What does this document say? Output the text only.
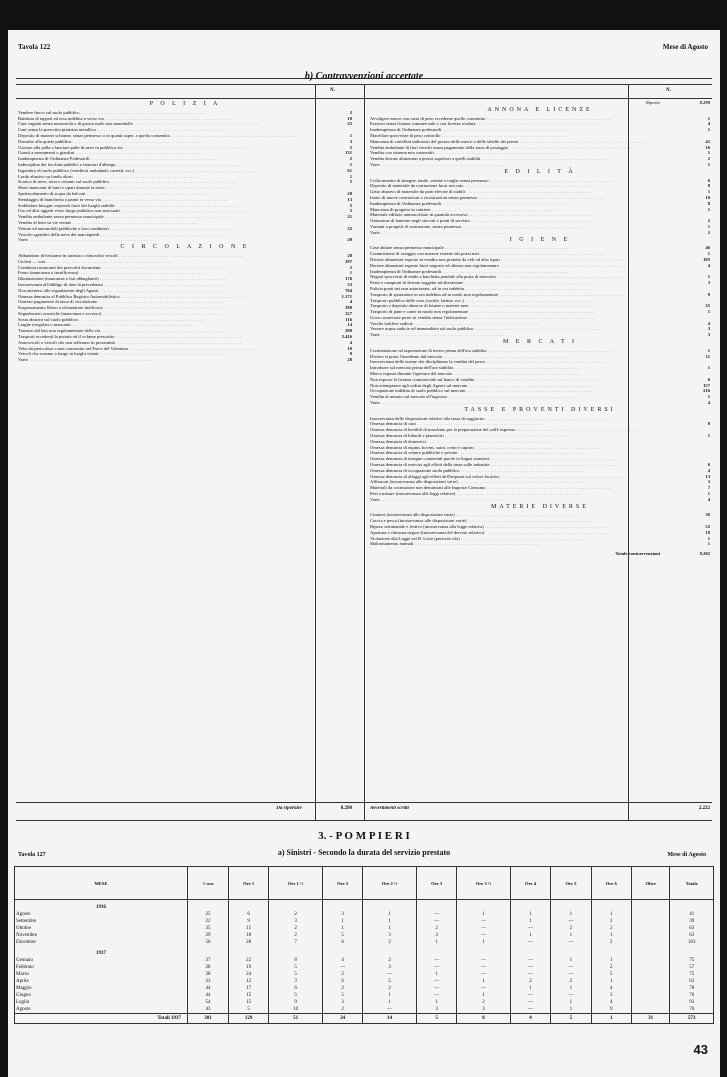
Tavola 122	Mese di Agosto
b) Contravvenzioni accertate
N.	N.
P O L I Z I A
Vendere fuoco sul suolo pubblico . . .	2
Battitura di tappeti ed orsa indebita a verso via . . .	10
Cani vaganti senza museruola o di grossa mole non manobelle . . .	25
Cani senza la prescritta piastrina metallica . . .
Deposito di materie schiume, senza permesso o in quanti super. a quella consentita . . .	1
Disturbo alla quiete pubblica . . .	3
Giocare alla palla o lanciare palle di neve in pubblica via . . .	5
Guasti a monumenti o giardini . . .	131
Inadempienza di Ordinanze Podestarili . . .	2
Indisciplina dei facchini pubblici e fattorini d'albergo . . .	1
Ingombro di suolo pubblico (venditori ambulanti, carretti, ecc.) . . .	61
Lordo abusivo su fondo altrui . . .	1
Scarico di neve, terra e rottami sul suolo pubblico . . .	5
Sbavi mancanti di lumi e ripari durante la notte . . .
Spettacolamento di acqua da balconi . . .	20
Stendaggio di biancheria o panni in verso via . . .	13
Soddisfare bisogni corporali fuori dei luoghi stabiliti . . .	5
Uso ed altri oggetti verso luogo pubblico non assicurati . . .	5
Vendita ambulante senza permesso municipale . . .	21
Vendita di beni su vie vietate . . .
Vetture ed automobili pubbliche e loro conduttori . . .	32
Vincolo sgombro della neve dei marciapiedi . . .
Varie . . .	20
C I R C O L A Z I O N E
Abbandono di bestiame in transito o rimorchio veicoli . . .	28
Ciclisti — vari . . .	297
Conduttori mancanti dei prescritti documenti . . .	5
Freno (mancanza o insufficenza) . . .	1
Illuminazione (mancanza o fari abbaglianti) . . .	176
Inosservanza all'obbligo di dare la precedenza . . .	53
Non attenersi alle segnalazioni degli Agenti . . .	764
Omessa denuncia al Pubblico Registro Automobilistico . . .	1.171
Omesso pagamento di tassa di circolazione . . .	4
Sorpassamento libero o silenziatore inefficace . . .	388
Segnalazioni acustiche (mancanza o eccesso) . . .	327
Sosta abusiva sul suolo pubblico . . .	116
Larghe irregolari o mancanti . . .	14
Transito dal lato non regolamentare della via . . .	209
Trasporti eccedenti la portata od il volume prescritto . . .	3.416
Autoveicoli o veicoli che non tollerano in prossimità . . .	4
Velocità pericolosa o non consentita nel Parco del Valentino . . .	10
Veicoli che sostano a lungo in luoghi vietati . . .	9
Varie . . .	28
Riporto	8.290
ANNONA E LICENZE
Avvolgere merce con carta di peso eccedente quello consentito . . .	1
Esercizi senza licenza commerciale o con licenza scaduta . . .	4
Inadempienza di Ordinanze podestarili . . .	1
Macellare sprovviste di peso controllo . . .
Mancanza di cartellini indicatori del prezzo delle merce o delle tabelle dei prezzi . . .	42
Vendita ambulante di fiori freschi senza pagamento della tassa di posteggio . . .	16
Vendita con sistema non consentiti . . .	1
Vendita derrate alimentari a prezzi superiori a quelli stabiliti . . .	2
Varie . . .	1
E D I L I T À
Collocamento di insegne, tende, vetrine e targhe senza permesso . . .	6
Deposito di materiale da costruzione fuori steccato . . .	8
Getto abusivo di materiale da parti elevate di stabili . . .	1
Inizio di nuove costruzioni o ricostruzioni senza permesso . . .	10
Inadempienza di Ordinanze podestarili . . .	8
Mancanza di progetto in cantiere . . .	1
Materiale edilizio ammucchiato in quantità eccessiva . . .
Omissione di lanterne negli steccati e ponti di servizio . . .	2
Varianti a progetti di costruzione, senza permesso . . .	1
Varie . . .	2
I G I E N E
Case abitate senza permesso municipale . . .	46
Commistione di ortaggio con materie estratte dai pozzi neri . . .	1
Derrate alimentari esposte in vendita non protette da veli od altri ripari . . .	105
Derrate alimentari esposte fuori negozio ed altezza non regolamentare . . .	4
Inadempienza di Ordinanze podestarili . . .
Negozi sprovvisti di tende a barchetta pendule alla porta di esercizio . . .	1
Pesto e campioni di derrate soggette ad alterazione . . .	3
Pulizia ponti nei non autorizzata, od in ora indebita . . .
Trasporto di spazzature in ora indebita od in modo non regolamentare . . .	9
Trasporto pubblico delle cose (cortile, latrine, ecc.) . . .
Trasporto e deposito abusivo di letame o materie nere . . .	25
Trasporto di pane e carne in modo non regolamentare . . .	1
Uova conservate poste in vendita senza l'indicazione . . .
Vacche lattifere sudicie . . .	4
Versare acque sudicie od immondizie sul suolo pubblico . . .	3
Varie . . .	3
M E R C A T I
Contrattazione od asportazione di merce prima dell'ora stabilita . . .	1
Divieto si porta l'insedento dal mercato . . .	11
Inosservanza delle norme che disciplinano la vendita del pesce . . .
Introdurre sul mercato prima dell'ora stabilita . . .	1
Merce esposta durante l'apertura del mercato . . .
Non esporre la licenza commerciale sul banco di vendita . . .	6
Non ottemperare agli ordini degli Agenti sul mercato . . .	157
Occupazione indebita di suolo pubblico sul mercato . . .	216
Vendita al minuto sul mercato all'ingrosso . . .	1
Varie . . .	4
TASSE E PROVENTI DIVERSI
Inosservanza delle disposizioni relative alla tassa di soggiorno . . .
Omessa denuncia di cani . . .	8
Omessa denuncia di bevibili di marchino per la preparazione del caffè espresso . . .
Omessa denuncia di biliardi e pianoforti . . .	1
Omessa denuncia di domestici . . .
Omessa denuncia di equini, bovini, suini, ovini e caprini . . .
Omessa denuncia di vetture pubbliche e private . . .
Omessa denuncia di insegne contenenti parole in lingua straniera . . .
Omessa denuncia di esercizi agli effetti della tassa sulle industrie . . .	6
Omessa denuncia di occupazione suolo pubblico . . .	4
Omessa denuncia di alloggi agli effetti dell'imposta sul valore locativo . . .	13
Affissioni (inosservanza alle disposizioni varie) . . .	3
Materiali da costruzione non denunciati alle Imposte Consumo . . .	7
Pesi e misure (inosservanza alle leggi relative) . . .	1
Varie . . .	4
MATERIE DIVERSE
Cimiteri (inosservanza alle disposizioni varie) . . .	36
Caccia e pesca (inosservanza alle disposizioni varie) . . .
Riposo settimanale e festivo (inosservanza alla legge relativa) . . .	52
Apertura e chiusura negozi (inosservanza del decreto relativo) . . .	19
Violazione alla Legge sul R. Lotto (pericola rifa) . . .	1
Maltrattamento animali . . .	1
Totale contravvenzioni	9.202
Da riportare	8.290	Avvertimenti scritti	2.222
3. - P O M P I E R I
Tavola 127	a) Sinistri - Secondo la durata del servizio prestato	Mese di Agosto
MESE	½ ora	Ore 1	Ore 1 ½	Ore 2	Ore 2 ½	Ore 3	Ore 3 ½	Ore 4	Ore 5	Ore 6	Oltre	Totale
1936												
Agosto	25	6	2	3	1	—	1	1	1	1		41
Settembre	22	9	3	1	1	—	—	1	—	2		39
Ottobre	35	15	2	1	1	2	—	—	2	2		63
Novembre	29	18	2	5	3	3	—	1	1	1		63
Dicembre	56	28	7	6	2	1	1	—	—	2		103
1937												
Gennaio	37	22	8	4	2	—	—	—	1	1		75
Febbraio	28	19	5	—	3	—	—	—	—	2		57
Marzo	38	24	5	2	—	1	—	—	—	5		75
Aprile	33	12	3	6	5	—	1	2	2	1		63
Maggio	44	17	6	2	2	—	—	1	1	4		78
Giugno	44	15	5	5	1	—	1	—	—	3		76
Luglio	54	15	9	3	1	1	2	—	1	4		93
Agosto	43	5	10	2	—	3	3	—	1	9		76
Totali 1937	301	129	51	24	14	5	8	4	5	1	31	573
43
